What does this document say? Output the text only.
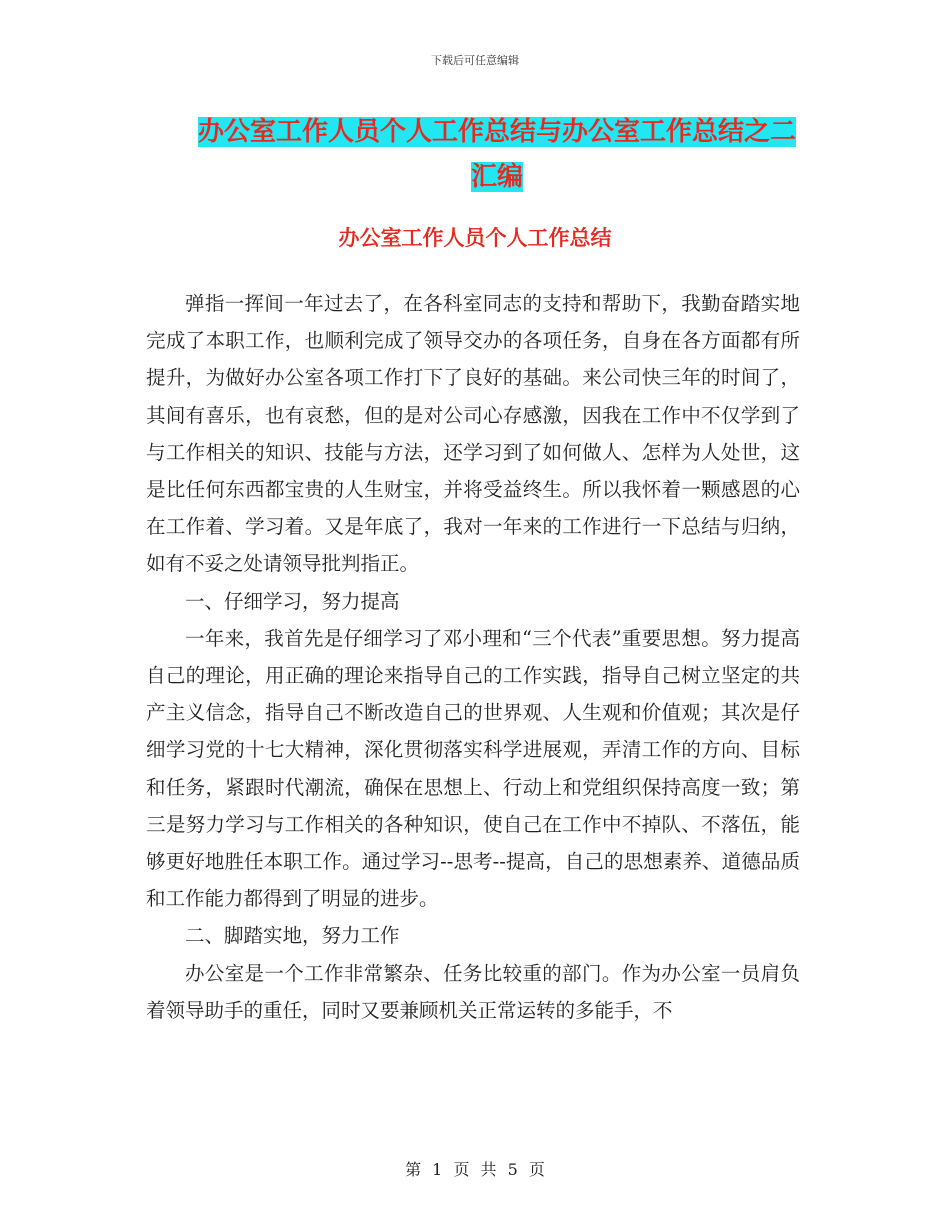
下载后可任意编辑
办公室工作人员个人工作总结与办公室工作总结之二
汇编
办公室工作人员个人工作总结

弹指一挥间一年过去了，在各科室同志的支持和帮助下，我勤奋踏实地完成了本职工作，也顺利完成了领导交办的各项任务，自身在各方面都有所提升，为做好办公室各项工作打下了良好的基础。来公司快三年的时间了，其间有喜乐，也有哀愁，但的是对公司心存感激，因我在工作中不仅学到了与工作相关的知识、技能与方法，还学习到了如何做人、怎样为人处世，这是比任何东西都宝贵的人生财宝，并将受益终生。所以我怀着一颗感恩的心在工作着、学习着。又是年底了，我对一年来的工作进行一下总结与归纳，如有不妥之处请领导批判指正。

一、仔细学习，努力提高

一年来，我首先是仔细学习了邓小理和“三个代表”重要思想。努力提高自己的理论，用正确的理论来指导自己的工作实践，指导自己树立坚定的共产主义信念，指导自己不断改造自己的世界观、人生观和价值观；其次是仔细学习党的十七大精神，深化贯彻落实科学进展观，弄清工作的方向、目标和任务，紧跟时代潮流，确保在思想上、行动上和党组织保持高度一致；第三是努力学习与工作相关的各种知识，使自己在工作中不掉队、不落伍，能够更好地胜任本职工作。通过学习--思考--提高，自己的思想素养、道德品质和工作能力都得到了明显的进步。

二、脚踏实地，努力工作

办公室是一个工作非常繁杂、任务比较重的部门。作为办公室一员肩负着领导助手的重任，同时又要兼顾机关正常运转的多能手，不

第 1 页 共 5 页
